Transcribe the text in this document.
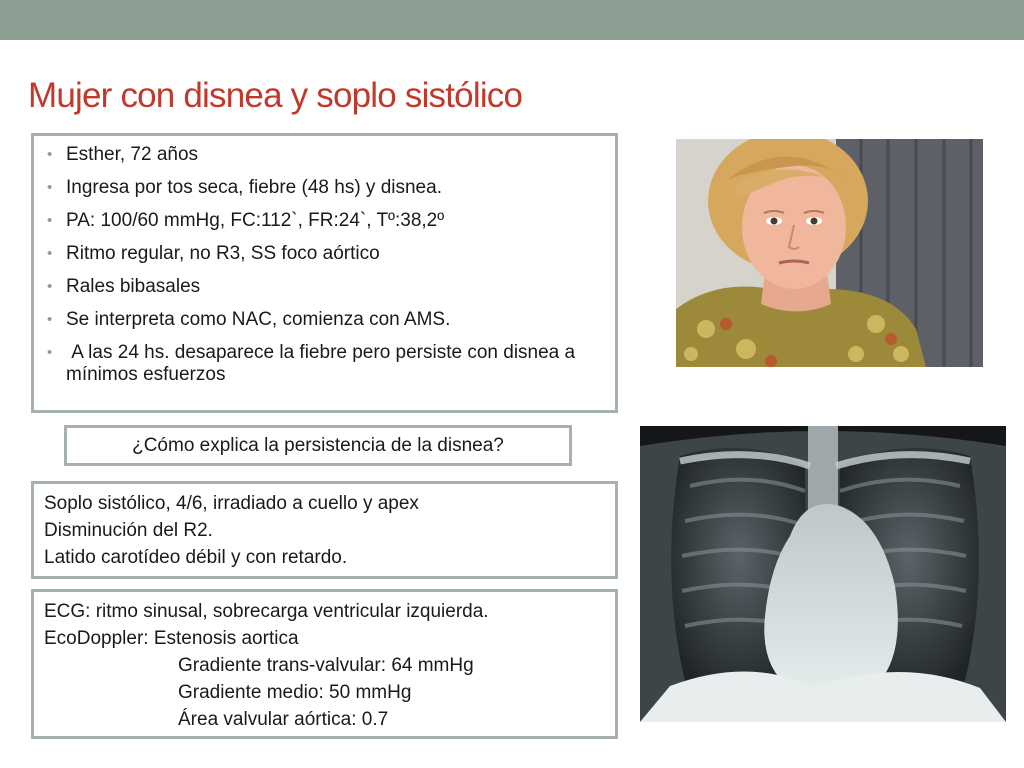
Mujer con disnea y soplo sistólico
• Esther, 72 años
• Ingresa por tos seca, fiebre (48 hs) y disnea.
• PA: 100/60 mmHg, FC:112`, FR:24`, Tº:38,2º
• Ritmo regular, no R3, SS foco aórtico
• Rales bibasales
• Se interpreta como NAC, comienza con AMS.
• A las 24 hs. desaparece la fiebre pero persiste con disnea a mínimos esfuerzos
¿Cómo explica la persistencia de la disnea?
Soplo sistólico, 4/6, irradiado a cuello y apex
Disminución del R2.
Latido carotídeo débil y con retardo.
ECG: ritmo sinusal, sobrecarga ventricular izquierda.
EcoDoppler: Estenosis aortica
Gradiente trans-valvular: 64 mmHg
Gradiente medio: 50 mmHg
Área valvular aórtica: 0.7
